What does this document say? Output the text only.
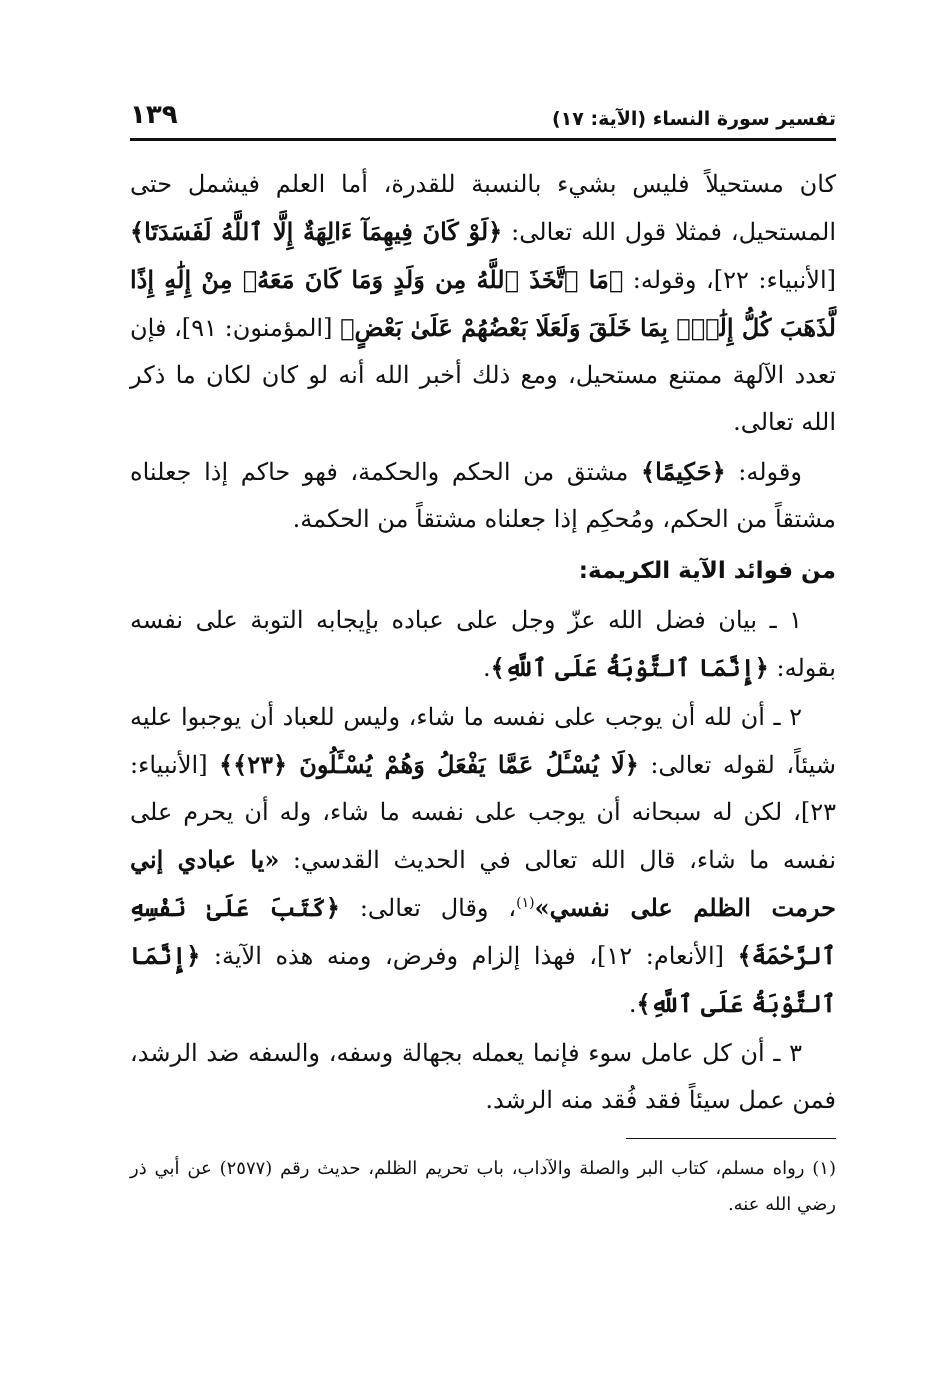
تفسير سورة النساء (الآية: ١٧)
١٣٩

كان مستحيلاً فليس بشيء بالنسبة للقدرة، أما العلم فيشمل حتى المستحيل، فمثلا قول الله تعالى: ﴿لَوْ كَانَ فِيهِمَآ ءَالِهَةٌ إِلَّا ٱللَّهُ لَفَسَدَتَا﴾ [الأنبياء: ٢٢]، وقوله: ﴿مَا ٱتَّخَذَ ٱللَّهُ مِن وَلَدٍ وَمَا كَانَ مَعَهُۥ مِنْ إِلَٰهٍ إِذًا لَّذَهَبَ كُلُّ إِلَٰهِۭ بِمَا خَلَقَ وَلَعَلَا بَعْضُهُمْ عَلَىٰ بَعْضٍ﴾ [المؤمنون: ٩١]، فإن تعدد الآلهة ممتنع مستحيل، ومع ذلك أخبر الله أنه لو كان لكان ما ذكر الله تعالى.

وقوله: ﴿حَكِيمًا﴾ مشتق من الحكم والحكمة، فهو حاكم إذا جعلناه مشتقاً من الحكم، ومُحكِم إذا جعلناه مشتقاً من الحكمة.

من فوائد الآية الكريمة:

١ ـ بيان فضل الله عزّ وجل على عباده بإيجابه التوبة على نفسه بقوله: ﴿إِنَّمَا ٱلتَّوْبَةُ عَلَى ٱللَّهِ﴾.

٢ ـ أن لله أن يوجب على نفسه ما شاء، وليس للعباد أن يوجبوا عليه شيئاً، لقوله تعالى: ﴿لَا يُسْـَٔلُ عَمَّا يَفْعَلُ وَهُمْ يُسْـَٔلُونَ ﴿٢٣﴾﴾ [الأنبياء: ٢٣]، لكن له سبحانه أن يوجب على نفسه ما شاء، وله أن يحرم على نفسه ما شاء، قال الله تعالى في الحديث القدسي: «يا عبادي إني حرمت الظلم على نفسي»$^{(١)}$، وقال تعالى: ﴿كَتَبَ عَلَىٰ نَفْسِهِ ٱلرَّحْمَةَ﴾ [الأنعام: ١٢]، فهذا إلزام وفرض، ومنه هذه الآية: ﴿إِنَّمَا ٱلتَّوْبَةُ عَلَى ٱللَّهِ﴾.

٣ ـ أن كل عامل سوء فإنما يعمله بجهالة وسفه، والسفه ضد الرشد، فمن عمل سيئاً فقد فُقد منه الرشد.

(١) رواه مسلم، كتاب البر والصلة والآداب، باب تحريم الظلم، حديث رقم (٢٥٧٧) عن أبي ذر رضي الله عنه.
